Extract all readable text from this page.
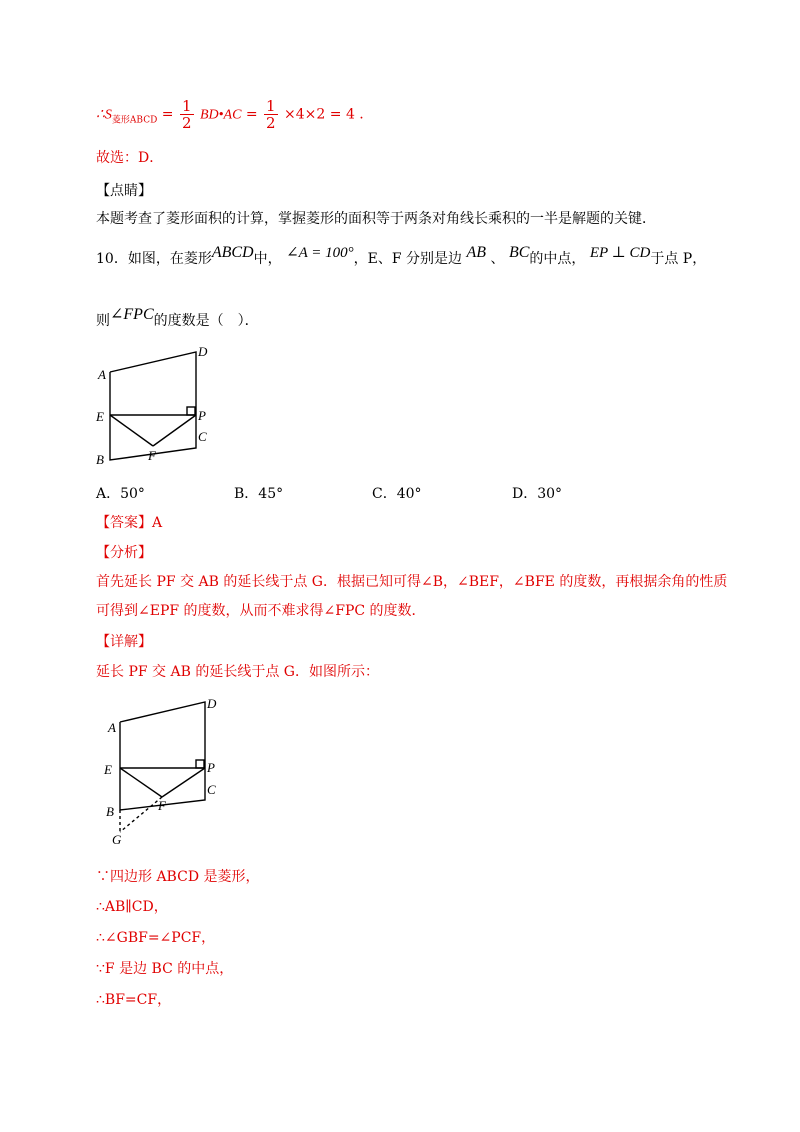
$\therefore S_{菱形ABCD} = \frac{1}{2}$ BD•AC = $\frac{1}{2} \times 4\times 2 = 4$ .
故选：D．
【点睛】
本题考查了菱形面积的计算，掌握菱形的面积等于两条对角线长乘积的一半是解题的关键．
10．如图，在菱形ABCD中， ∠A = 100°，E、F 分别是边 AB 、 BC的中点， EP ⊥ CD于点 P，
则∠FPC的度数是（　）．
A
D
E	P
C
B	F
A．50°	B．45°	C．40°	D．30°
【答案】A
【分析】
首先延长 PF 交 AB 的延长线于点 G．根据已知可得∠B，∠BEF，∠BFE 的度数，再根据余角的性质
可得到∠EPF 的度数，从而不难求得∠FPC 的度数．
【详解】
延长 PF 交 AB 的延长线于点 G．如图所示：
A
D
E	P
C
B	F
G
∵四边形 ABCD 是菱形，
∴AB∥CD，
∴∠GBF=∠PCF，
∵F 是边 BC 的中点，
∴BF=CF，
